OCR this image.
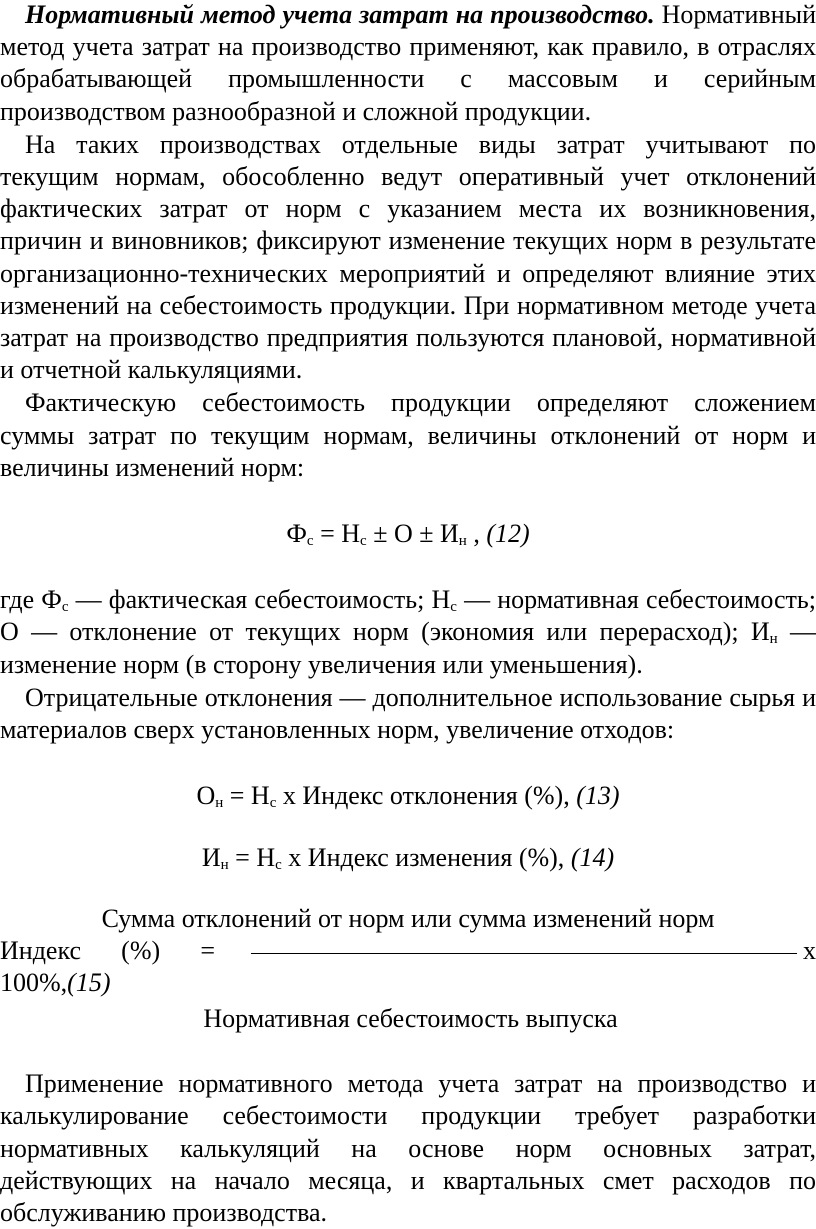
Нормативный метод учета затрат на производство. Нормативный метод учета затрат на производство применяют, как правило, в отраслях обрабатывающей промышленности с массовым и серийным производством разнообразной и сложной продукции.

На таких производствах отдельные виды затрат учитывают по текущим нормам, обособленно ведут оперативный учет отклонений фактических затрат от норм с указанием места их возникновения, причин и виновников; фиксируют изменение текущих норм в результате организационно-технических мероприятий и определяют влияние этих изменений на себестоимость продукции. При нормативном методе учета затрат на производство предприятия пользуются плановой, нормативной и отчетной калькуляциями.

Фактическую себестоимость продукции определяют сложением суммы затрат по текущим нормам, величины отклонений от норм и величины изменений норм:

$Ф_с = Н_с \pm О \pm И_н$ , (12)

где $Ф_с$ — фактическая себестоимость; $Н_с$ — нормативная себестоимость; О — отклонение от текущих норм (экономия или перерасход); $И_н$ — изменение норм (в сторону увеличения или уменьшения).

Отрицательные отклонения — дополнительное использование сырья и материалов сверх установленных норм, увеличение отходов:

$О_н = Н_с$ х Индекс отклонения (%), (13)

$И_н = Н_с$ х Индекс изменения (%), (14)

Сумма отклонений от норм или сумма изменений норм
Индекс (%) =	х
100%,(15)
Нормативная себестоимость выпуска

Применение нормативного метода учета затрат на производство и калькулирование себестоимости продукции требует разработки нормативных калькуляций на основе норм основных затрат, действующих на начало месяца, и квартальных смет расходов по обслуживанию производства.
